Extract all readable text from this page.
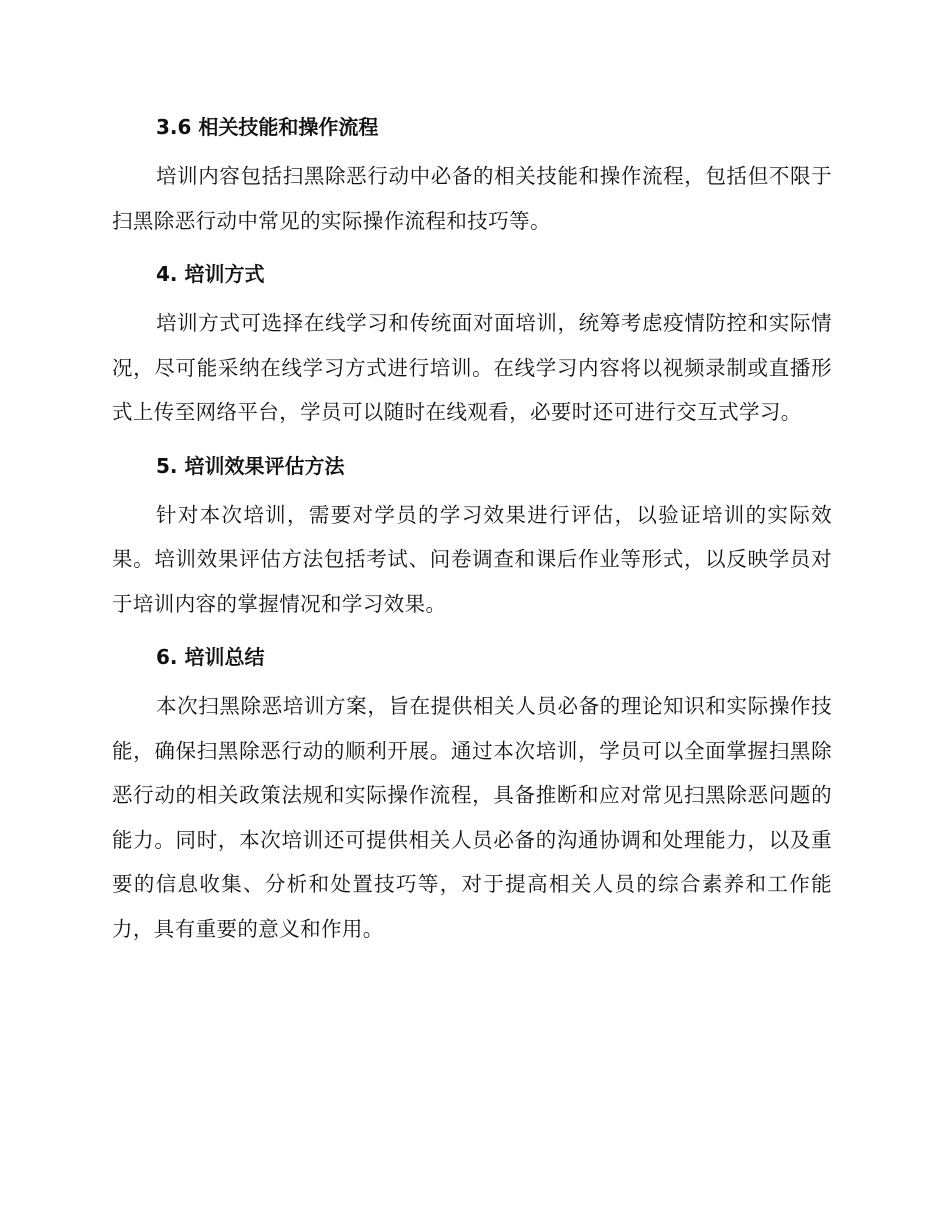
3.6 相关技能和操作流程

培训内容包括扫黑除恶行动中必备的相关技能和操作流程，包括但不限于扫黑除恶行动中常见的实际操作流程和技巧等。

4. 培训方式

培训方式可选择在线学习和传统面对面培训，统筹考虑疫情防控和实际情况，尽可能采纳在线学习方式进行培训。在线学习内容将以视频录制或直播形式上传至网络平台，学员可以随时在线观看，必要时还可进行交互式学习。

5. 培训效果评估方法

针对本次培训，需要对学员的学习效果进行评估，以验证培训的实际效果。培训效果评估方法包括考试、问卷调查和课后作业等形式，以反映学员对于培训内容的掌握情况和学习效果。

6. 培训总结

本次扫黑除恶培训方案，旨在提供相关人员必备的理论知识和实际操作技能，确保扫黑除恶行动的顺利开展。通过本次培训，学员可以全面掌握扫黑除恶行动的相关政策法规和实际操作流程，具备推断和应对常见扫黑除恶问题的能力。同时，本次培训还可提供相关人员必备的沟通协调和处理能力，以及重要的信息收集、分析和处置技巧等，对于提高相关人员的综合素养和工作能力，具有重要的意义和作用。
